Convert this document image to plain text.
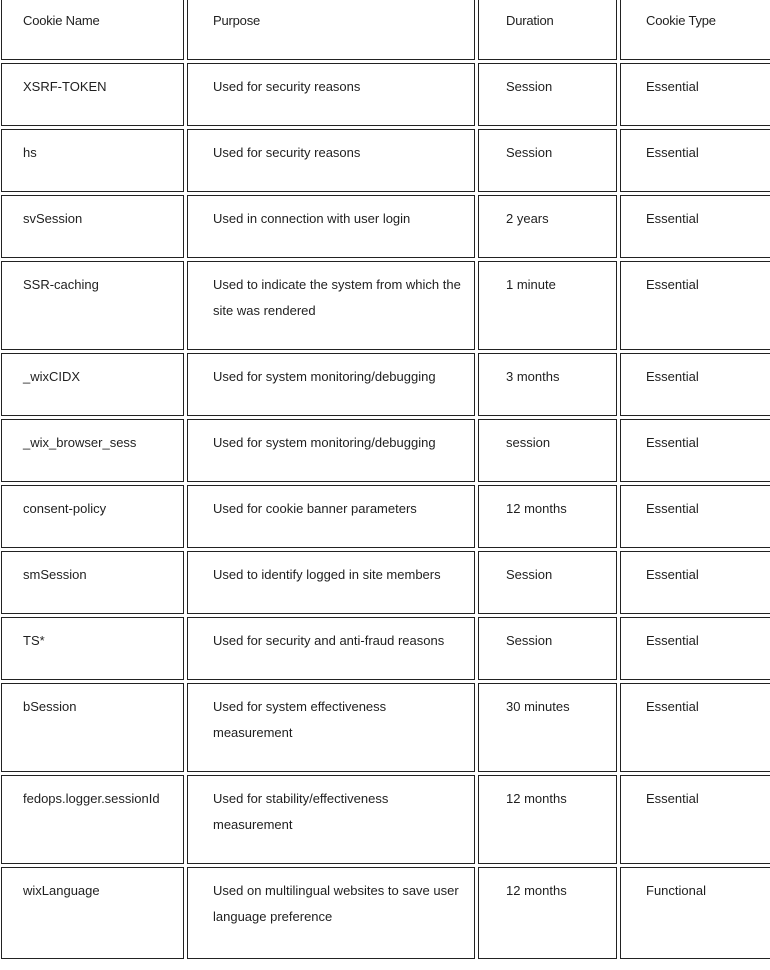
Cookie Name	Purpose	Duration	Cookie Type
XSRF-TOKEN	Used for security reasons	Session	Essential
hs	Used for security reasons	Session	Essential
svSession	Used in connection with user login	2 years	Essential
SSR-caching	Used to indicate the system from which the site was rendered	1 minute	Essential
_wixCIDX	Used for system monitoring/debugging	3 months	Essential
_wix_browser_sess	Used for system monitoring/debugging	session	Essential
consent-policy	Used for cookie banner parameters	12 months	Essential
smSession	Used to identify logged in site members	Session	Essential
TS*	Used for security and anti-fraud reasons	Session	Essential
bSession	Used for system effectiveness measurement	30 minutes	Essential
fedops.logger.sessionId	Used for stability/effectiveness measurement	12 months	Essential
wixLanguage	Used on multilingual websites to save user language preference	12 months	Functional
